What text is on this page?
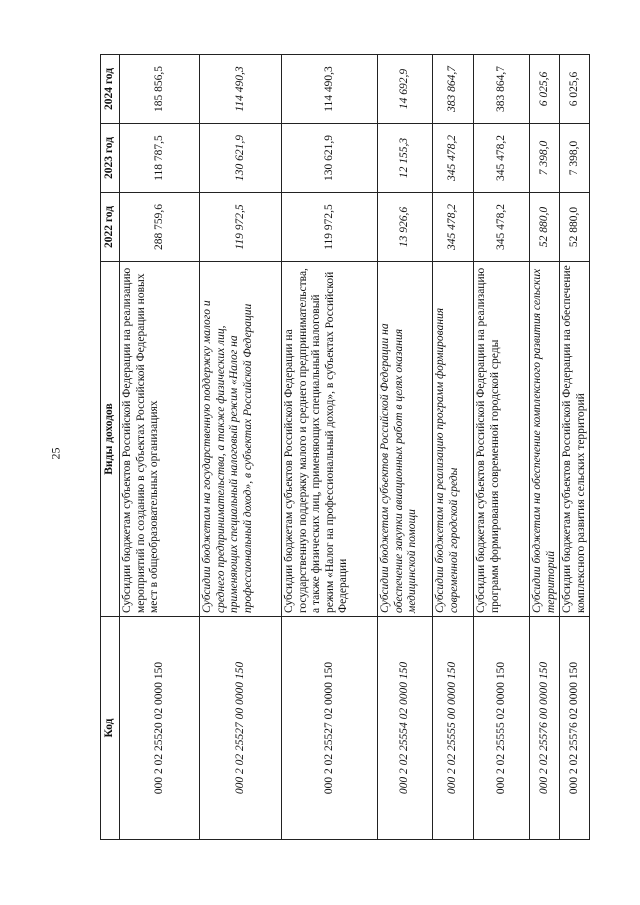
25
Код	Виды доходов	2022 год	2023 год	2024 год
000 2 02 25520 02 0000 150	Субсидии бюджетам субъектов Российской Федерации на реализацию мероприятий по созданию в субъектах Российской Федерации новых мест в общеобразовательных организациях	288 759,6	118 787,5	185 856,5
000 2 02 25527 00 0000 150	Субсидии бюджетам на государственную поддержку малого и среднего предпринимательства, а также физических лиц, применяющих специальный налоговый режим «Налог на профессиональный доход», в субъектах Российской Федерации	119 972,5	130 621,9	114 490,3
000 2 02 25527 02 0000 150	Субсидии бюджетам субъектов Российской Федерации на государственную поддержку малого и среднего предпринимательства, а также физических лиц, применяющих специальный налоговый режим «Налог на профессиональный доход», в субъектах Российской Федерации	119 972,5	130 621,9	114 490,3
000 2 02 25554 02 0000 150	Субсидии бюджетам субъектов Российской Федерации на обеспечение закупки авиационных работ в целях оказания медицинской помощи	13 926,6	12 155,3	14 692,9
000 2 02 25555 00 0000 150	Субсидии бюджетам на реализацию программ формирования современной городской среды	345 478,2	345 478,2	383 864,7
000 2 02 25555 02 0000 150	Субсидии бюджетам субъектов Российской Федерации на реализацию программ формирования современной городской среды	345 478,2	345 478,2	383 864,7
000 2 02 25576 00 0000 150	Субсидии бюджетам на обеспечение комплексного развития сельских территорий	52 880,0	7 398,0	6 025,6
000 2 02 25576 02 0000 150	Субсидии бюджетам субъектов Российской Федерации на обеспечение комплексного развития сельских территорий	52 880,0	7 398,0	6 025,6
